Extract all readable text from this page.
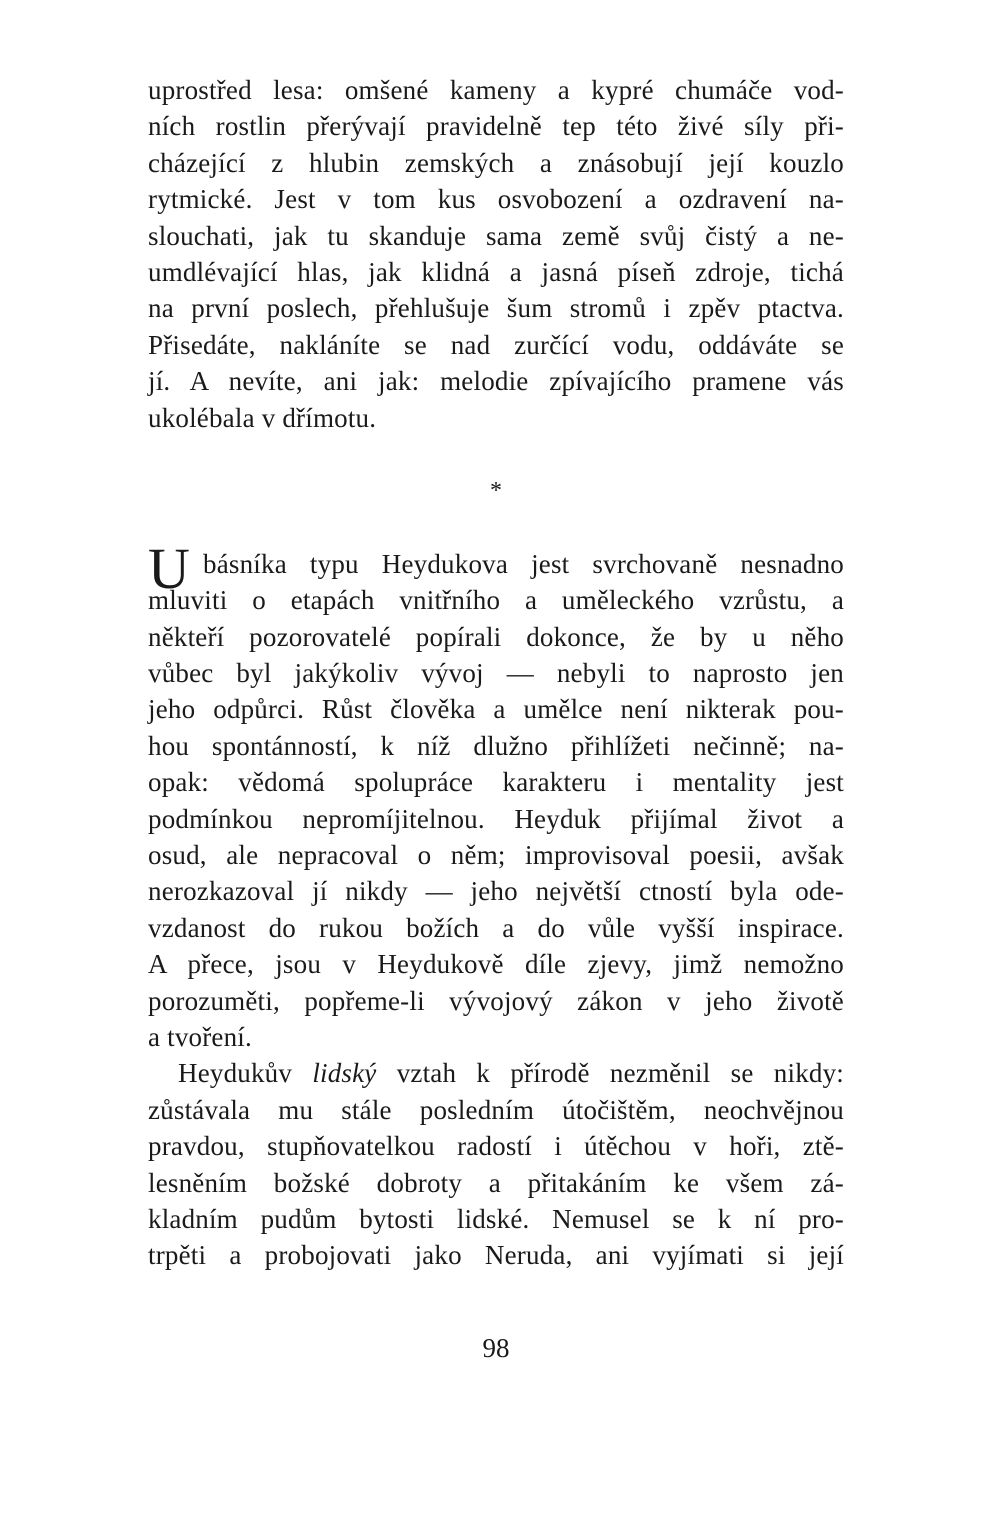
uprostřed lesa: omšené kameny a kypré chumáče vod-
ních rostlin přerývají pravidelně tep této živé síly při-
cházející z hlubin zemských a znásobují její kouzlo
rytmické. Jest v tom kus osvobození a ozdravení na-
slouchati, jak tu skanduje sama země svůj čistý a ne-
umdlévající hlas, jak klidná a jasná píseň zdroje, tichá
na první poslech, přehlušuje šum stromů i zpěv ptactva.
Přisedáte, nakláníte se nad zurčící vodu, oddáváte se
jí. A nevíte, ani jak: melodie zpívajícího pramene vás
ukolébala v dřímotu.
*
U básníka typu Heydukova jest svrchovaně nesnadno
mluviti o etapách vnitřního a uměleckého vzrůstu, a
někteří pozorovatelé popírali dokonce, že by u něho
vůbec byl jakýkoliv vývoj — nebyli to naprosto jen
jeho odpůrci. Růst člověka a umělce není nikterak pou-
hou spontánností, k níž dlužno přihlížeti nečinně; na-
opak: vědomá spolupráce karakteru i mentality jest
podmínkou nepromíjitelnou. Heyduk přijímal život a
osud, ale nepracoval o něm; improvisoval poesii, avšak
nerozkazoval jí nikdy — jeho největší ctností byla ode-
vzdanost do rukou božích a do vůle vyšší inspirace.
A přece, jsou v Heydukově díle zjevy, jimž nemožno
porozuměti, popřeme-li vývojový zákon v jeho životě
a tvoření.
Heydukův lidský vztah k přírodě nezměnil se nikdy:
zůstávala mu stále posledním útočištěm, neochvějnou
pravdou, stupňovatelkou radostí i útěchou v hoři, ztě-
lesněním božské dobroty a přitakáním ke všem zá-
kladním pudům bytosti lidské. Nemusel se k ní pro-
trpěti a probojovati jako Neruda, ani vyjímati si její
98
